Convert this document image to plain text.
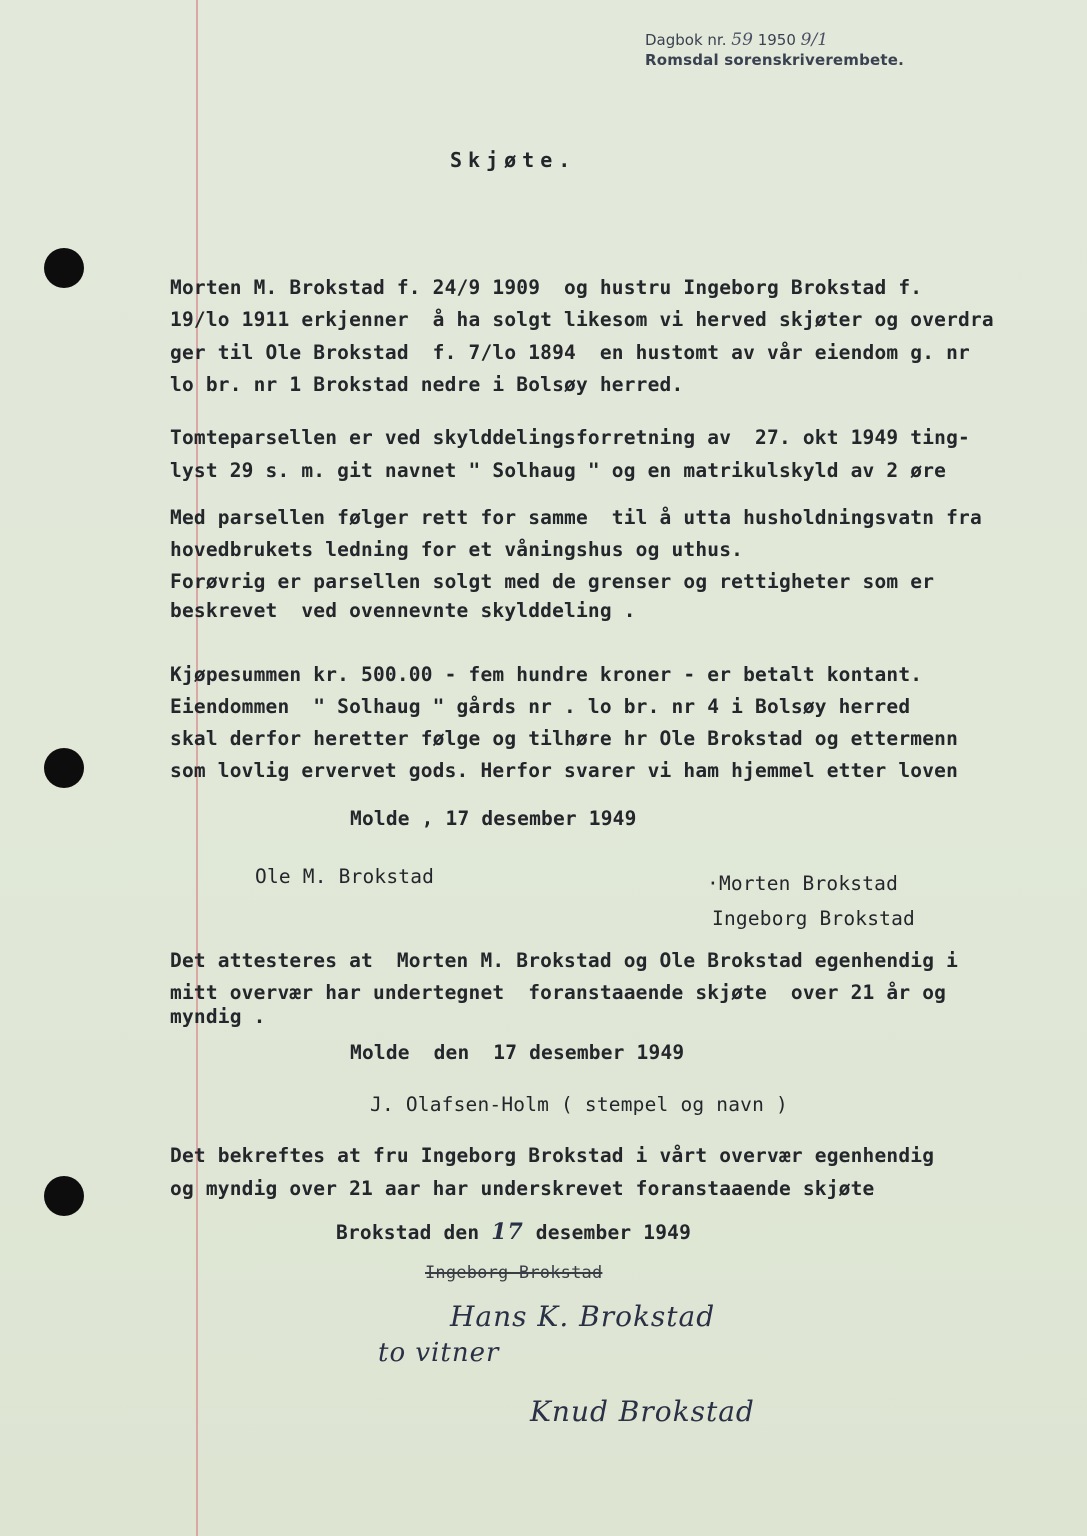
Dagbok nr. 59 1950 9/1
Romsdal sorenskriverembete.
Skjøte.
Morten M. Brokstad f. 24/9 1909  og hustru Ingeborg Brokstad f.
19/lo 1911 erkjenner  å ha solgt likesom vi herved skjøter og overdra
ger til Ole Brokstad  f. 7/lo 1894  en hustomt av vår eiendom g. nr
lo br. nr 1 Brokstad nedre i Bolsøy herred.
Tomteparsellen er ved skylddelingsforretning av  27. okt 1949 ting-
lyst 29 s. m. git navnet " Solhaug " og en matrikulskyld av 2 øre
Med parsellen følger rett for samme  til å utta husholdningsvatn fra
hovedbrukets ledning for et våningshus og uthus.
Forøvrig er parsellen solgt med de grenser og rettigheter som er
beskrevet  ved ovennevnte skylddeling .
Kjøpesummen kr. 500.00 - fem hundre kroner - er betalt kontant.
Eiendommen  " Solhaug " gårds nr . lo br. nr 4 i Bolsøy herred
skal derfor heretter følge og tilhøre hr Ole Brokstad og ettermenn
som lovlig ervervet gods. Herfor svarer vi ham hjemmel etter loven
Molde , 17 desember 1949
Ole M. Brokstad	·Morten Brokstad
Ingeborg Brokstad
Det attesteres at  Morten M. Brokstad og Ole Brokstad egenhendig i
mitt overvær har undertegnet  foranstaaende skjøte  over 21 år og
myndig .
Molde  den  17 desember 1949
J. Olafsen-Holm ( stempel og navn )
Det bekreftes at fru Ingeborg Brokstad i vårt overvær egenhendig
og myndig over 21 aar har underskrevet foranstaaende skjøte
Brokstad den 17 desember 1949
Ingeborg Brokstad
Hans K. Brokstad
to vitner
Knud Brokstad
